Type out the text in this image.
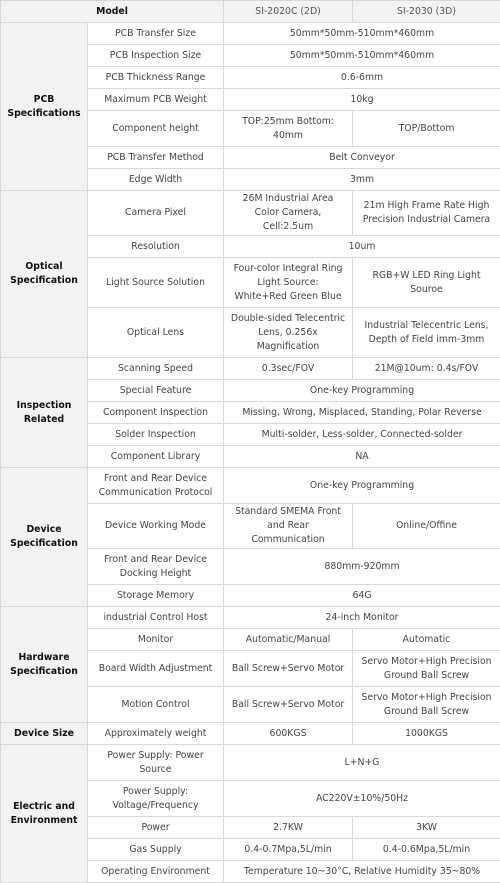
Model		SI-2020C (2D)	SI-2030 (3D)
PCB Specifications	PCB Transfer Size	50mm*50mm-510mm*460mm	
	PCB Inspection Size	50mm*50mm-510mm*460mm	
	PCB Thickness Range	0.6-6mm	
	Maximum PCB Weight	10kg	
	Component height	TOP:25mm Bottom: 40mm	TOP/Bottom
	PCB Transfer Method	Belt Conveyor	
	Edge Width	3mm	
Optical Specification	Camera Pixel	26M Industrial Area Color Camera, Cell:2.5um	21m High Frame Rate High Precision Industrial Camera
	Resolution	10um	
	Light Source Solution	Four-color Integral Ring Light Source: White+Red Green Blue	RGB+W LED Ring Light Souroe
	Optical Lens	Double-sided Telecentric Lens, 0.256x Magnification	Industrial Telecentric Lens, Depth of Field imm-3mm
Inspection Related	Scanning Speed	0.3sec/FOV	21M@10um: 0.4s/FOV
	Special Feature	One-key Programming	
	Component Inspection	Missing, Wrong, Misplaced, Standing, Polar Reverse	
	Solder Inspection	Multi-solder, Less-solder, Connected-solder	
	Component Library	NA	
Device Specification	Front and Rear Device Communication Protocol	One-key Programming	
	Device Working Mode	Standard SMEMA Front and Rear Communication	Online/Offine
	Front and Rear Device Docking Height	880mm-920mm	
	Storage Memory	64G	
Hardware Specification	industrial Control Host	24-inch Monitor	
	Monitor	Automatic/Manual	Automatic
	Board Width Adjustment	Ball Screw+Servo Motor	Servo Motor+High Precision Ground Ball Screw
	Motion Control	Ball Screw+Servo Motor	Servo Motor+High Precision Ground Ball Screw
Device Size	Approximately weight	600KGS	1000KGS
Electric and Environment	Power Supply: Power Source	L+N+G	
	Power Supply: Voltage/Frequency	AC220V±10%/50Hz	
	Power	2.7KW	3KW
	Gas Supply	0.4-0.7Mpa,5L/min	0.4-0.6Mpa,5L/min
	Operating Environment	Temperature 10~30°C, Relative Humidity 35~80%	
